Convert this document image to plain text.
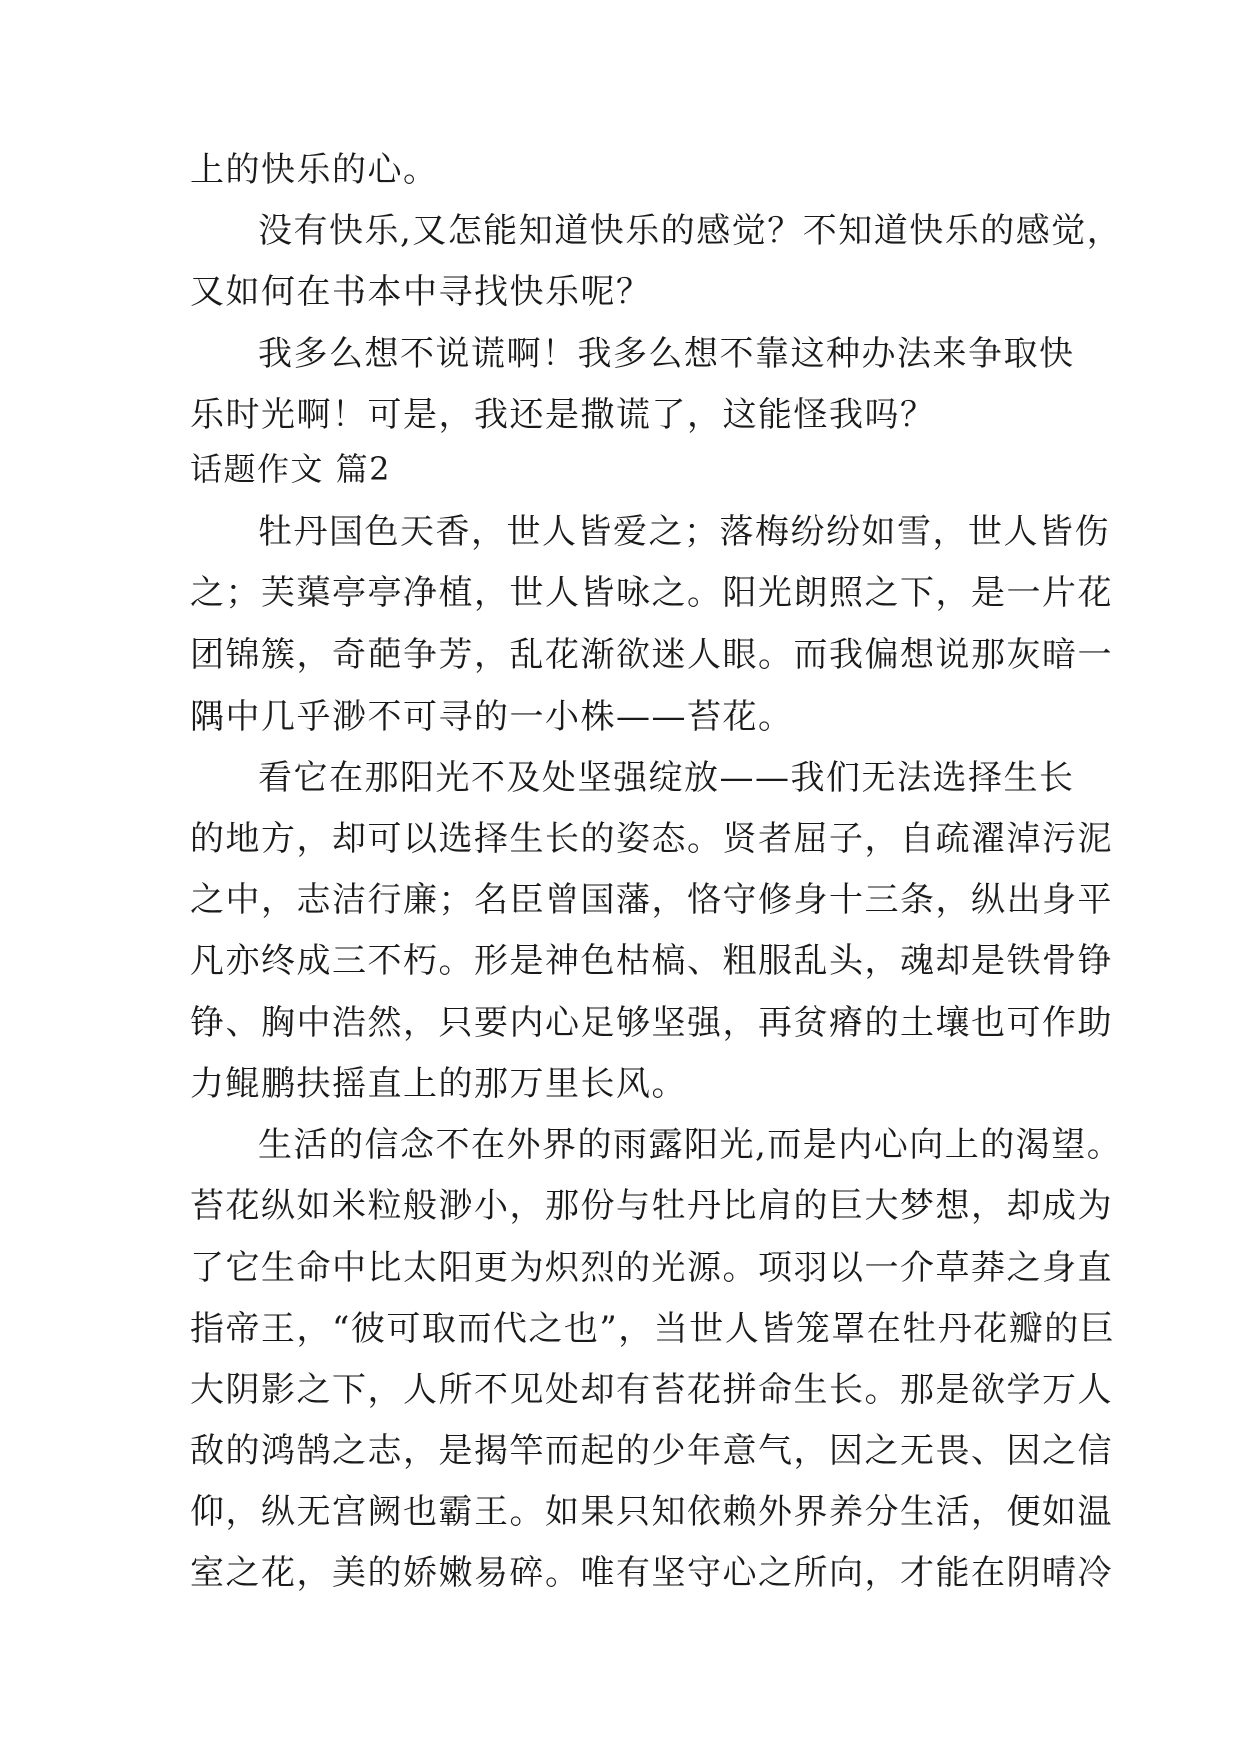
上的快乐的心。
没有快乐,又怎能知道快乐的感觉？不知道快乐的感觉，
又如何在书本中寻找快乐呢？
我多么想不说谎啊！我多么想不靠这种办法来争取快
乐时光啊！可是，我还是撒谎了，这能怪我吗？
话题作文 篇2
牡丹国色天香，世人皆爱之；落梅纷纷如雪，世人皆伤
之；芙蕖亭亭净植，世人皆咏之。阳光朗照之下，是一片花
团锦簇，奇葩争芳，乱花渐欲迷人眼。而我偏想说那灰暗一
隅中几乎渺不可寻的一小株——苔花。
看它在那阳光不及处坚强绽放——我们无法选择生长
的地方，却可以选择生长的姿态。贤者屈子，自疏濯淖污泥
之中，志洁行廉；名臣曾国藩，恪守修身十三条，纵出身平
凡亦终成三不朽。形是神色枯槁、粗服乱头，魂却是铁骨铮
铮、胸中浩然，只要内心足够坚强，再贫瘠的土壤也可作助
力鲲鹏扶摇直上的那万里长风。
生活的信念不在外界的雨露阳光,而是内心向上的渴望。
苔花纵如米粒般渺小，那份与牡丹比肩的巨大梦想，却成为
了它生命中比太阳更为炽烈的光源。项羽以一介草莽之身直
指帝王，“彼可取而代之也”，当世人皆笼罩在牡丹花瓣的巨
大阴影之下，人所不见处却有苔花拼命生长。那是欲学万人
敌的鸿鹄之志，是揭竿而起的少年意气，因之无畏、因之信
仰，纵无宫阙也霸王。如果只知依赖外界养分生活，便如温
室之花，美的娇嫩易碎。唯有坚守心之所向，才能在阴晴冷
